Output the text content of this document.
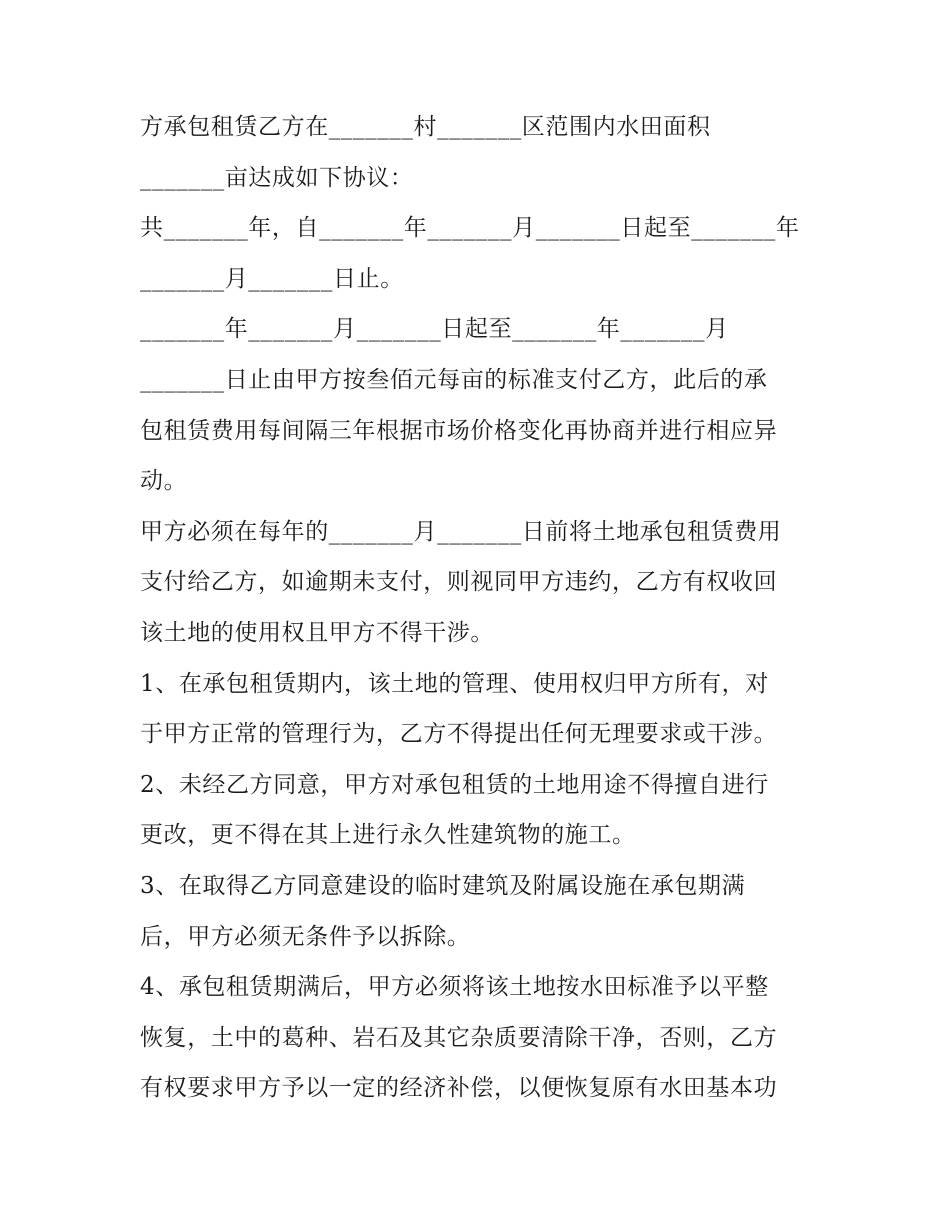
方承包租赁乙方在_______村_______区范围内水田面积
_______亩达成如下协议：
共_______年，自_______年_______月_______日起至_______年
_______月_______日止。
_______年_______月_______日起至_______年_______月
_______日止由甲方按叁佰元每亩的标准支付乙方，此后的承
包租赁费用每间隔三年根据市场价格变化再协商并进行相应异
动。
甲方必须在每年的_______月_______日前将土地承包租赁费用
支付给乙方，如逾期未支付，则视同甲方违约，乙方有权收回
该土地的使用权且甲方不得干涉。
1、在承包租赁期内，该土地的管理、使用权归甲方所有，对
于甲方正常的管理行为，乙方不得提出任何无理要求或干涉。
2、未经乙方同意，甲方对承包租赁的土地用途不得擅自进行
更改，更不得在其上进行永久性建筑物的施工。
3、在取得乙方同意建设的临时建筑及附属设施在承包期满
后，甲方必须无条件予以拆除。
4、承包租赁期满后，甲方必须将该土地按水田标准予以平整
恢复，土中的葛种、岩石及其它杂质要清除干净，否则，乙方
有权要求甲方予以一定的经济补偿，以便恢复原有水田基本功
